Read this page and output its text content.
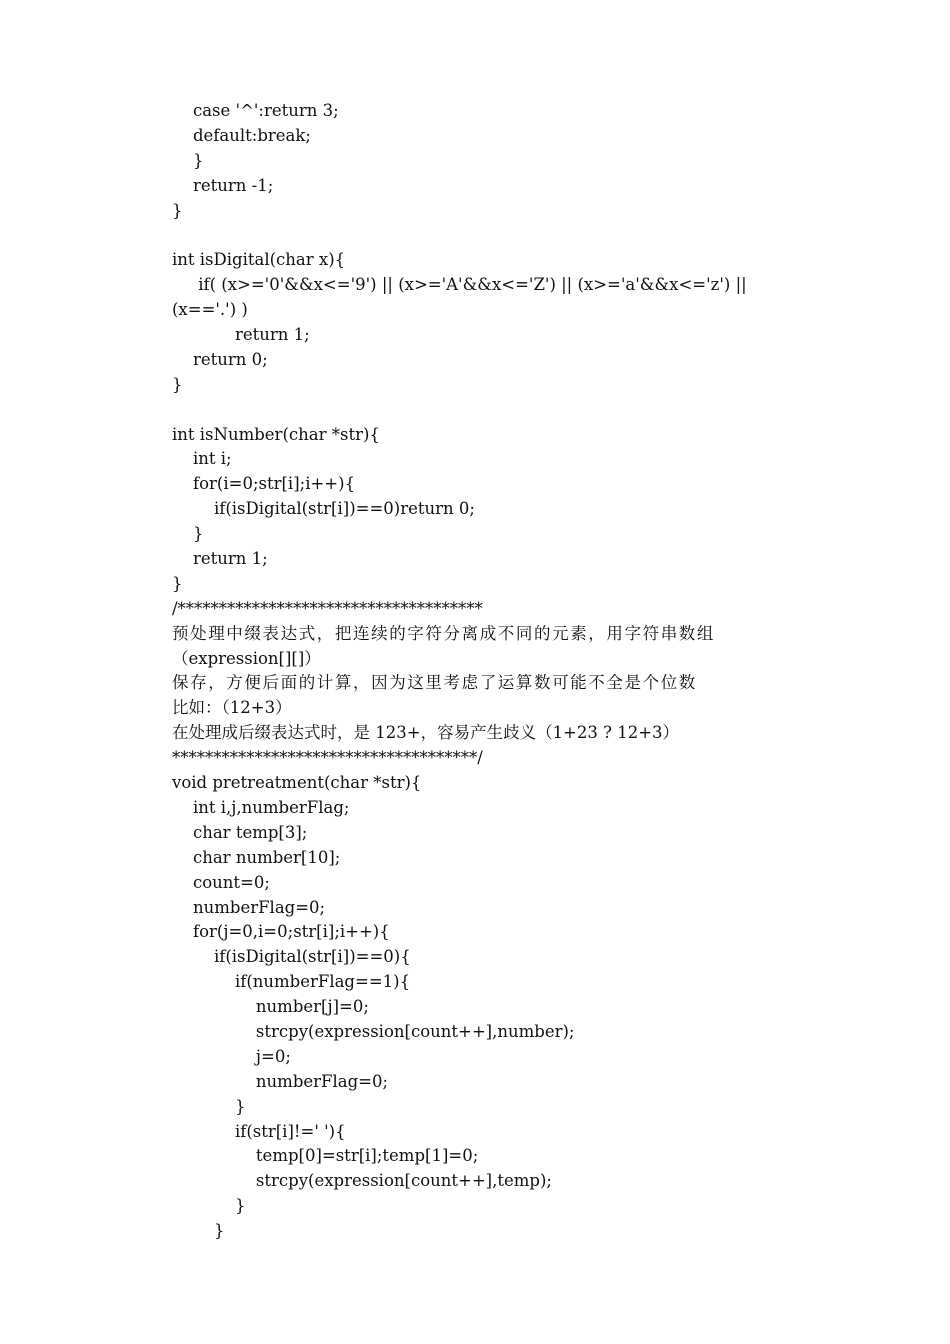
case '^':return 3;
default:break;
}
return -1;
}
int isDigital(char x){
if( (x>='0'&&x<='9') || (x>='A'&&x<='Z') || (x>='a'&&x<='z') ||
(x=='.') )
return 1;
return 0;
}
int isNumber(char *str){
int i;
for(i=0;str[i];i++){
if(isDigital(str[i])==0)return 0;
}
return 1;
}
/*************************************
预处理中缀表达式，把连续的字符分离成不同的元素，用字符串数组
（expression[][]）
保存，方便后面的计算，因为这里考虑了运算数可能不全是个位数
比如：（12+3）
在处理成后缀表达式时，是 123+，容易产生歧义（1+23 ? 12+3）
*************************************/
void pretreatment(char *str){
int i,j,numberFlag;
char temp[3];
char number[10];
count=0;
numberFlag=0;
for(j=0,i=0;str[i];i++){
if(isDigital(str[i])==0){
if(numberFlag==1){
number[j]=0;
strcpy(expression[count++],number);
j=0;
numberFlag=0;
}
if(str[i]!=' '){
temp[0]=str[i];temp[1]=0;
strcpy(expression[count++],temp);
}
}
